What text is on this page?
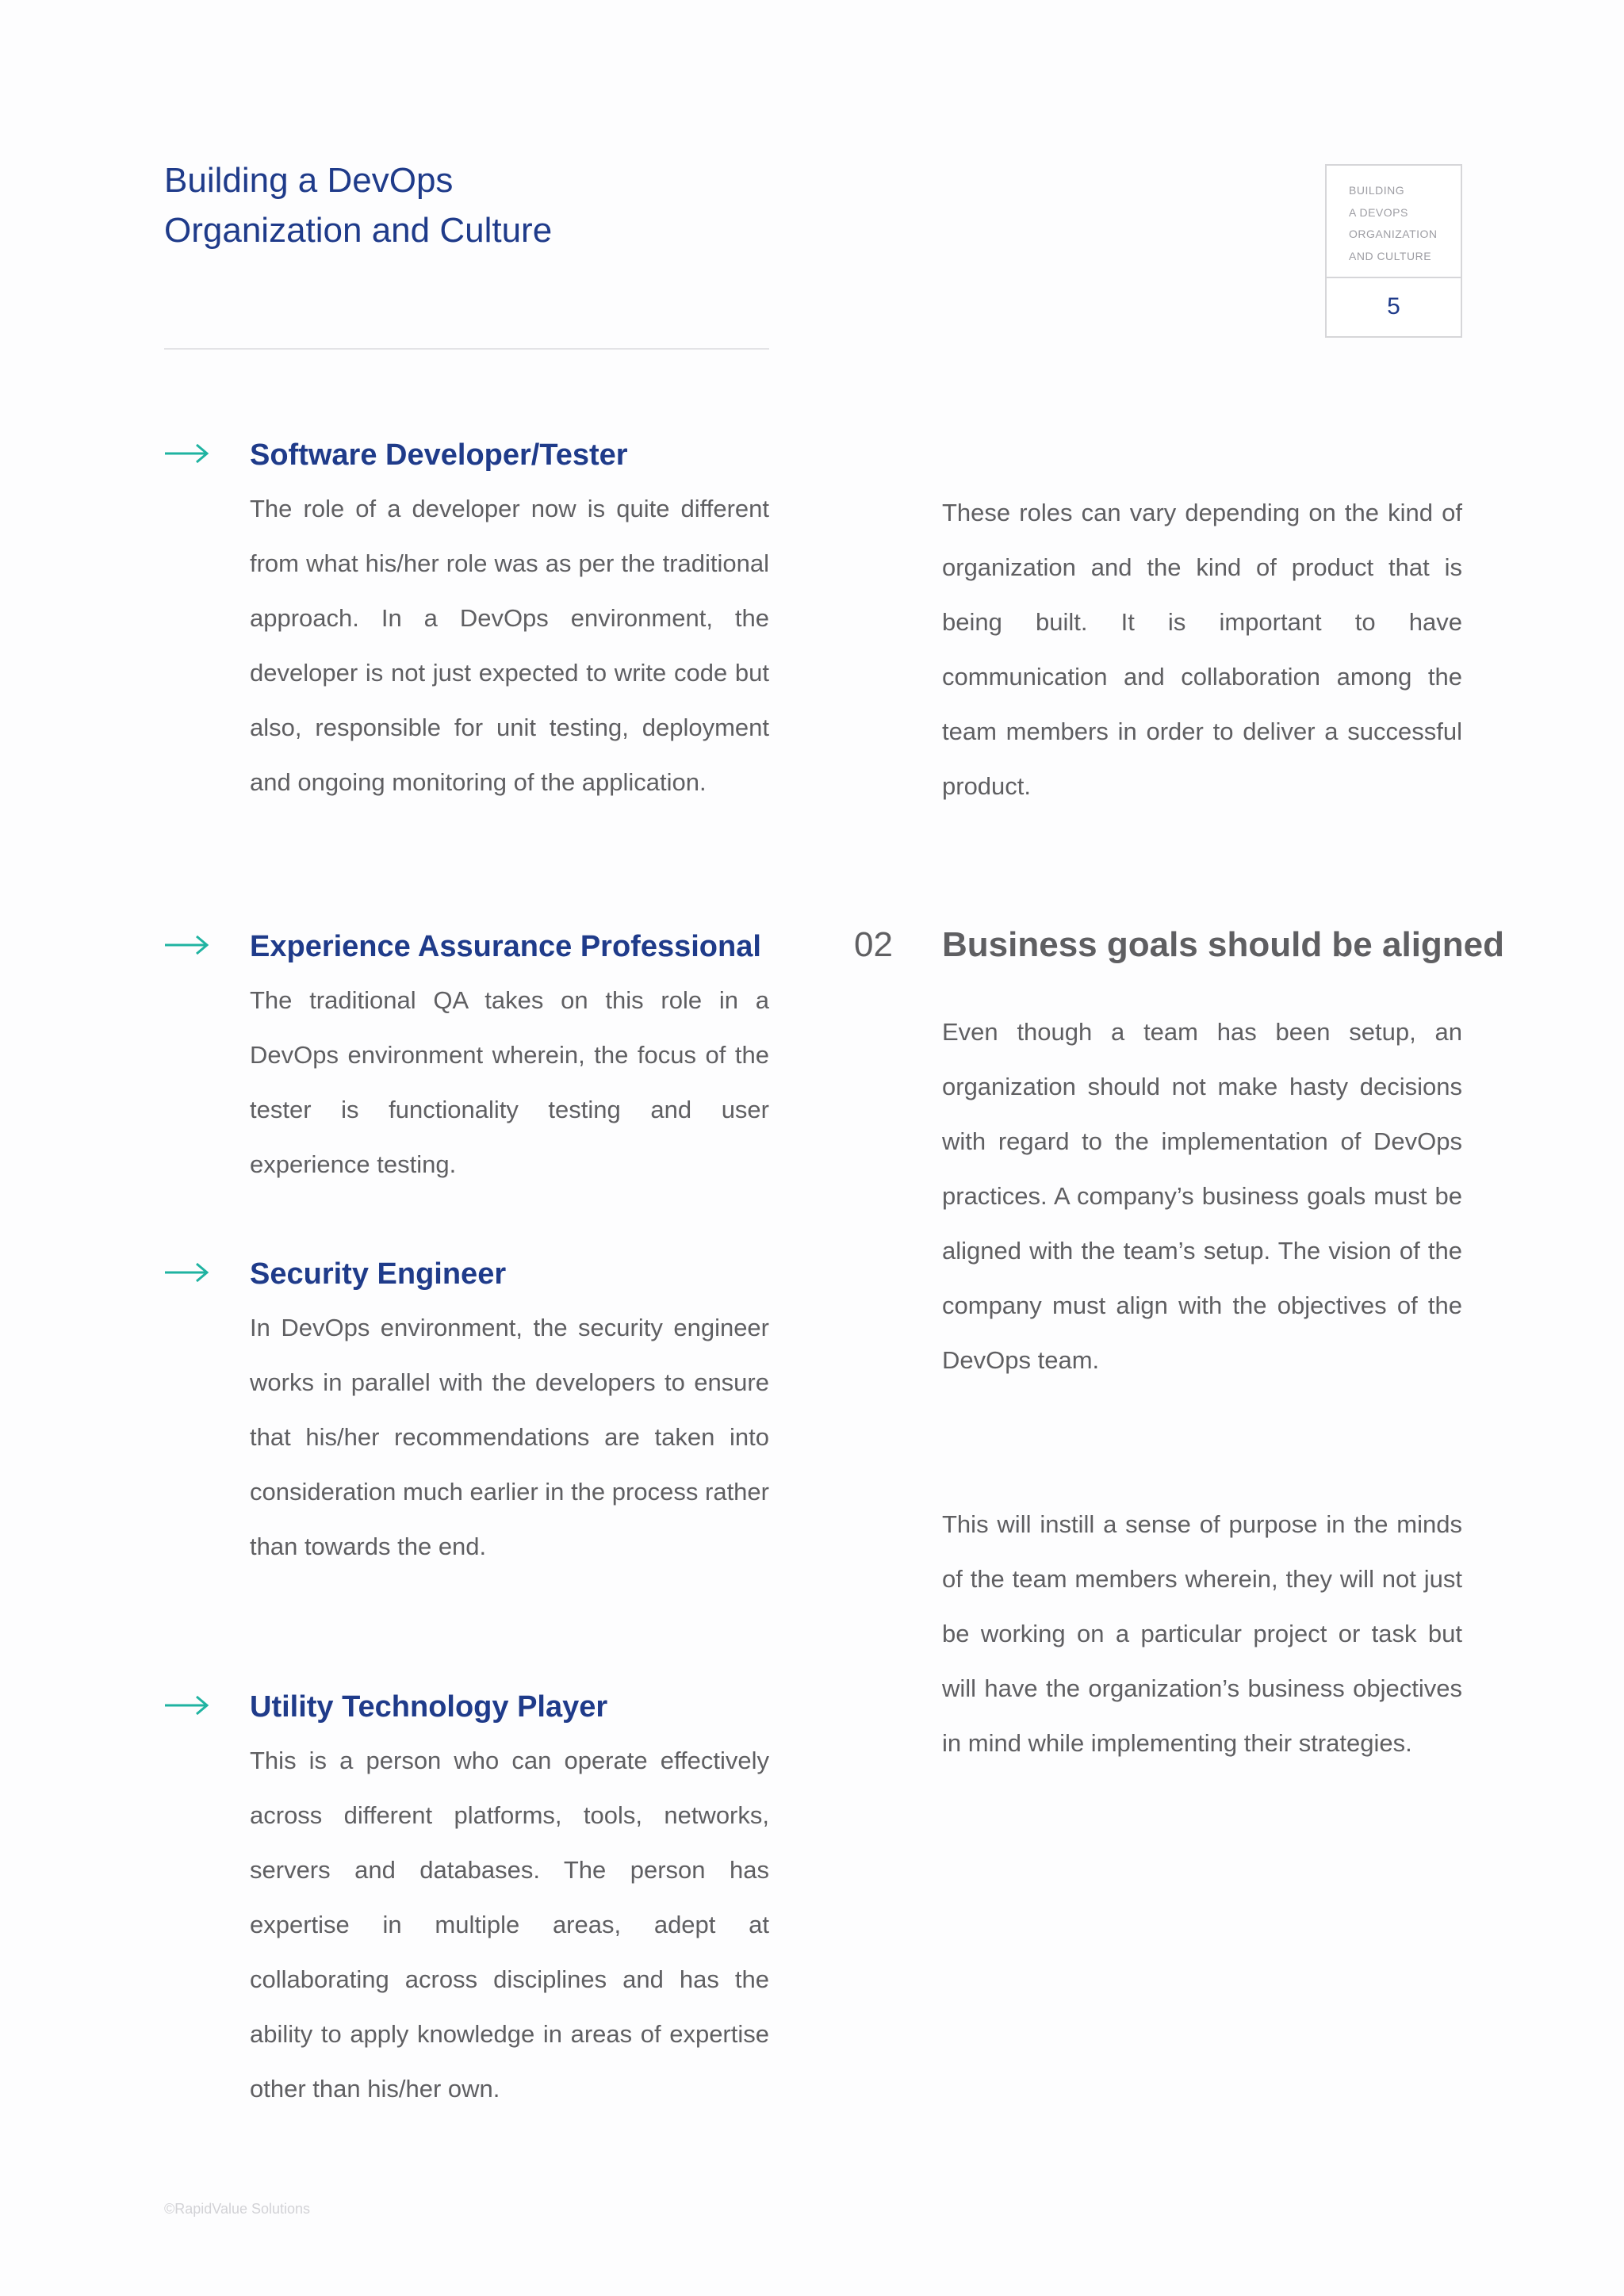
Building a DevOps
Organization and Culture
BUILDING
A DEVOPS
ORGANIZATION
AND CULTURE
5
Software Developer/Tester

The role of a developer now is quite different from what his/her role was as per the traditional approach. In a DevOps environment, the developer is not just expected to write code but also, responsible for unit testing, deployment and ongoing monitoring of the application.

Experience Assurance Professional

The traditional QA takes on this role in a DevOps environment wherein, the focus of the tester is functionality testing and user experience testing.

Security Engineer

In DevOps environment, the security engineer works in parallel with the developers to ensure that his/her recommendations are taken into consideration much earlier in the process rather than towards the end.

Utility Technology Player

This is a person who can operate effectively across different platforms, tools, networks, servers and databases. The person has expertise in multiple areas, adept at collaborating across disciplines and has the ability to apply knowledge in areas of expertise other than his/her own.

These roles can vary depending on the kind of organization and the kind of product that is being built. It is important to have communication and collaboration among the team members in order to deliver a successful product.

02 Business goals should be aligned

Even though a team has been setup, an organization should not make hasty decisions with regard to the implementation of DevOps practices. A company’s business goals must be aligned with the team’s setup. The vision of the company must align with the objectives of the DevOps team.

This will instill a sense of purpose in the minds of the team members wherein, they will not just be working on a particular project or task but will have the organization’s business objectives in mind while implementing their strategies.

©RapidValue Solutions
